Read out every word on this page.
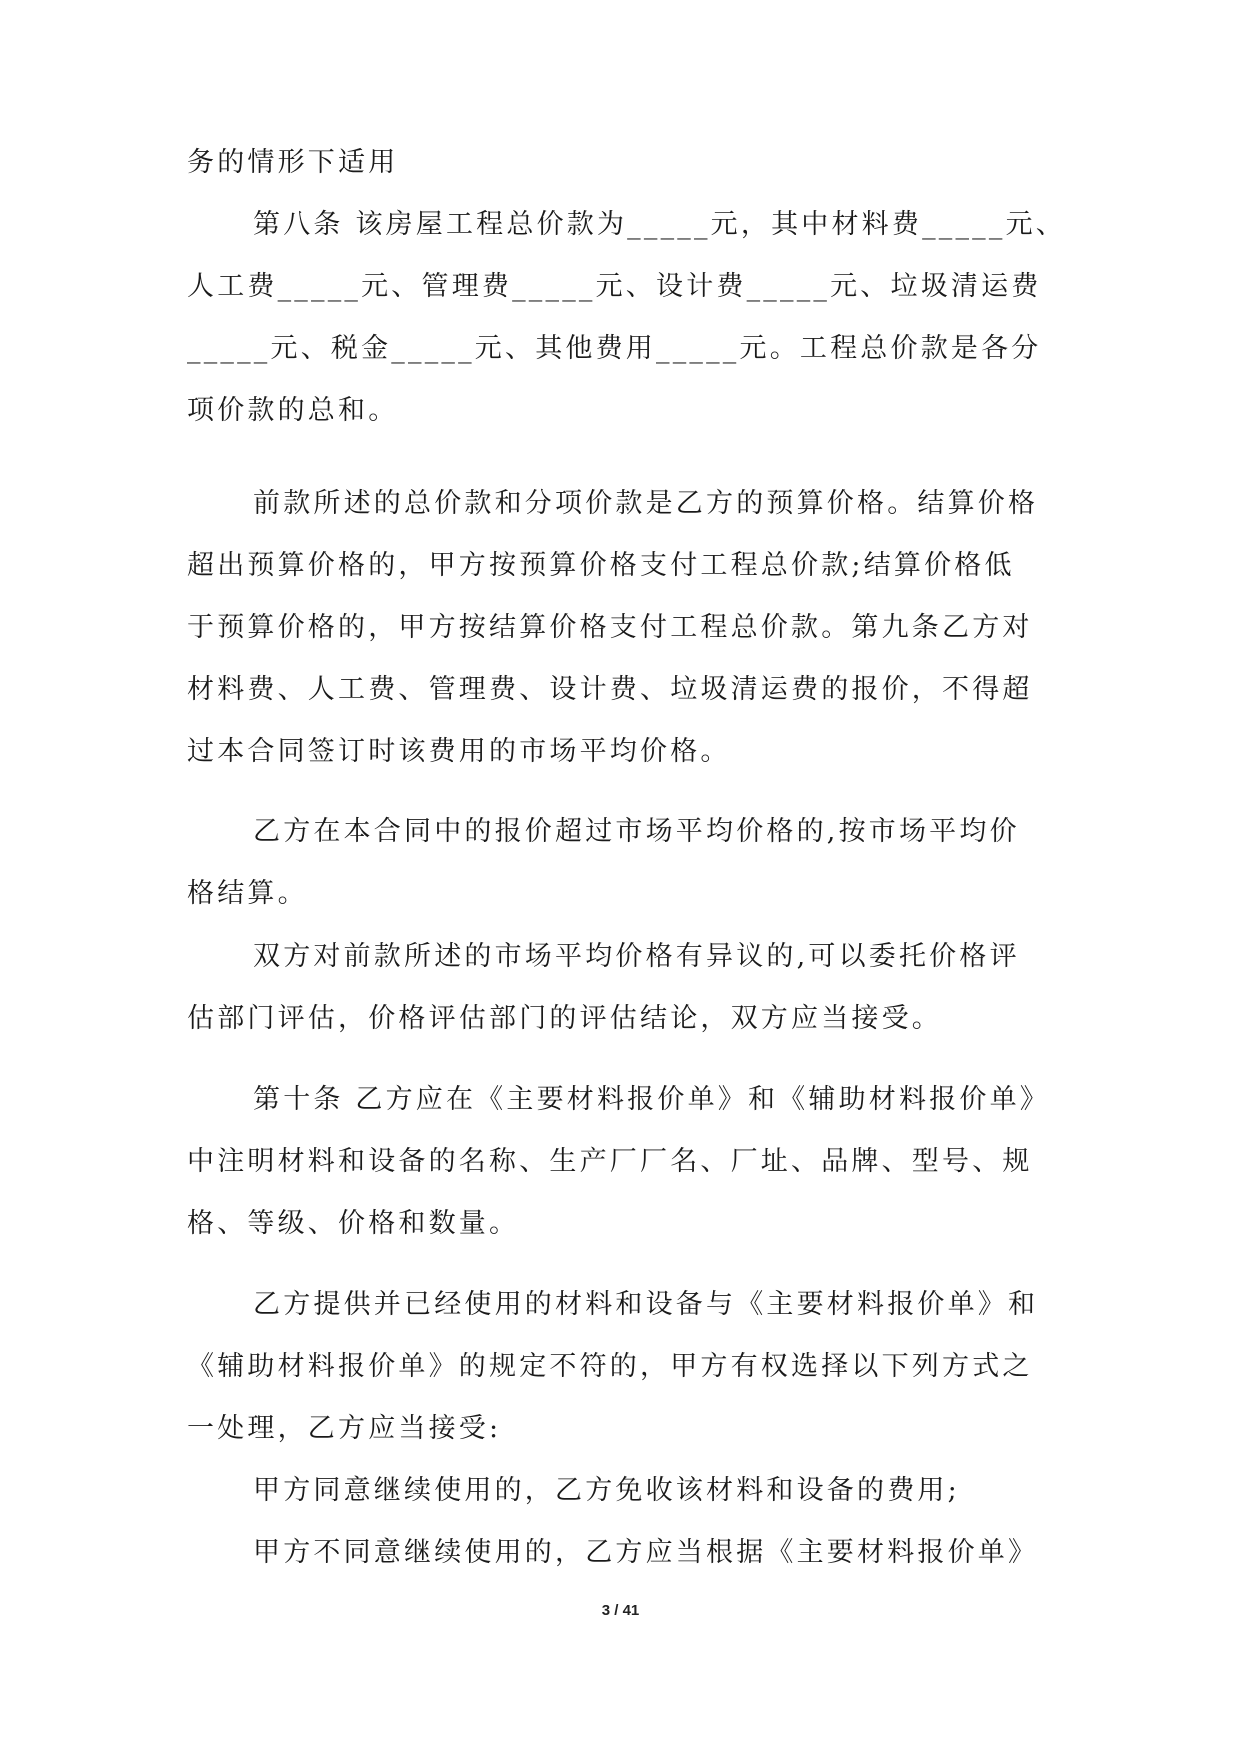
务的情形下适用
第八条 该房屋工程总价款为_____元，其中材料费_____元、
人工费_____元、管理费_____元、设计费_____元、垃圾清运费
_____元、税金_____元、其他费用_____元。工程总价款是各分
项价款的总和。
前款所述的总价款和分项价款是乙方的预算价格。结算价格
超出预算价格的，甲方按预算价格支付工程总价款;结算价格低
于预算价格的，甲方按结算价格支付工程总价款。第九条乙方对
材料费、人工费、管理费、设计费、垃圾清运费的报价，不得超
过本合同签订时该费用的市场平均价格。
乙方在本合同中的报价超过市场平均价格的,按市场平均价
格结算。
双方对前款所述的市场平均价格有异议的,可以委托价格评
估部门评估，价格评估部门的评估结论，双方应当接受。
第十条 乙方应在《主要材料报价单》和《辅助材料报价单》
中注明材料和设备的名称、生产厂厂名、厂址、品牌、型号、规
格、等级、价格和数量。
乙方提供并已经使用的材料和设备与《主要材料报价单》和
《辅助材料报价单》的规定不符的，甲方有权选择以下列方式之
一处理，乙方应当接受:
甲方同意继续使用的，乙方免收该材料和设备的费用;
甲方不同意继续使用的，乙方应当根据《主要材料报价单》
3 / 41
